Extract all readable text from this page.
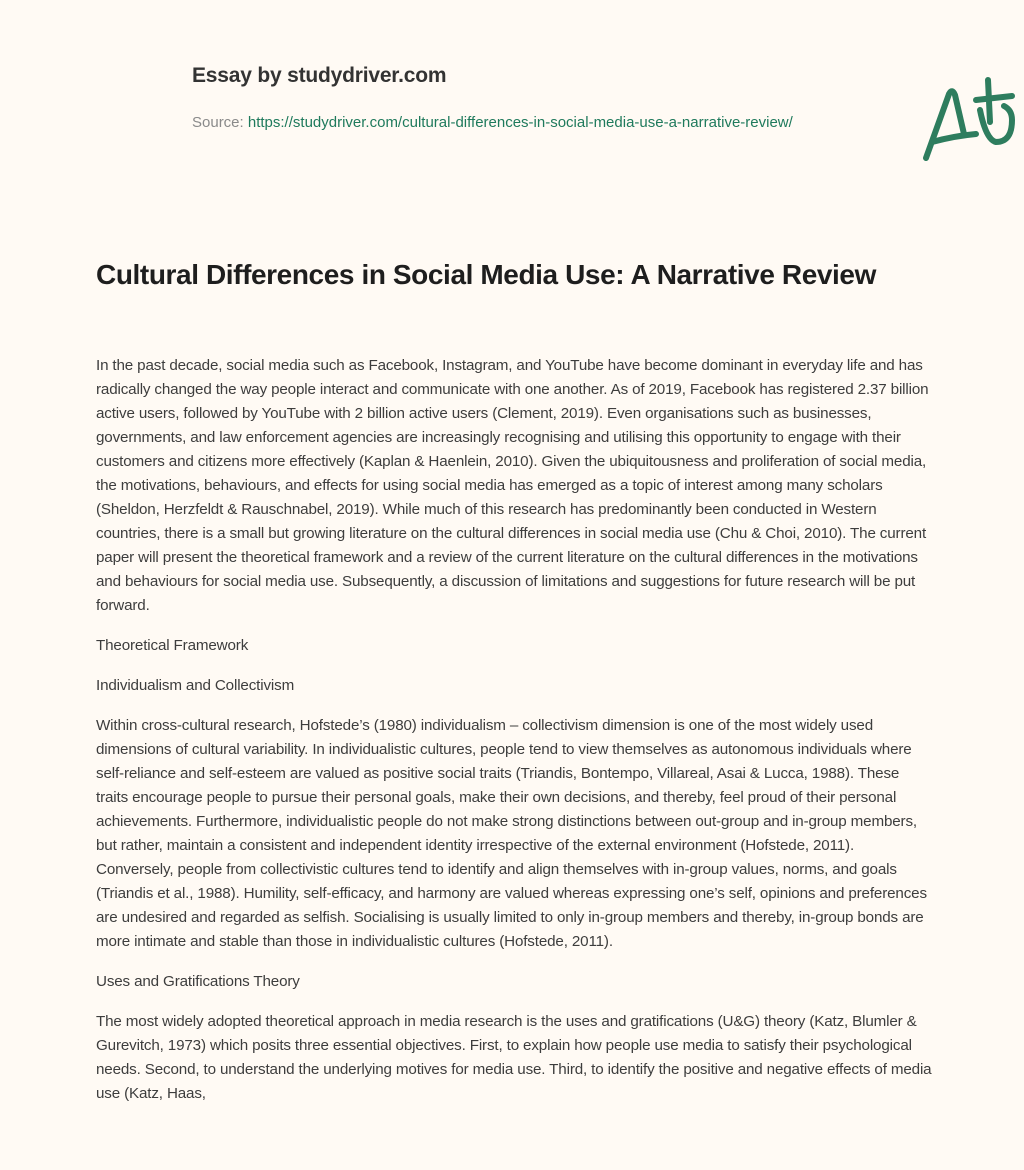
Essay by studydriver.com
Source: https://studydriver.com/cultural-differences-in-social-media-use-a-narrative-review/
Cultural Differences in Social Media Use: A Narrative Review

In the past decade, social media such as Facebook, Instagram, and YouTube have become dominant in everyday life and has radically changed the way people interact and communicate with one another. As of 2019, Facebook has registered 2.37 billion active users, followed by YouTube with 2 billion active users (Clement, 2019). Even organisations such as businesses, governments, and law enforcement agencies are increasingly recognising and utilising this opportunity to engage with their customers and citizens more effectively (Kaplan & Haenlein, 2010). Given the ubiquitousness and proliferation of social media, the motivations, behaviours, and effects for using social media has emerged as a topic of interest among many scholars (Sheldon, Herzfeldt & Rauschnabel, 2019). While much of this research has predominantly been conducted in Western countries, there is a small but growing literature on the cultural differences in social media use (Chu & Choi, 2010). The current paper will present the theoretical framework and a review of the current literature on the cultural differences in the motivations and behaviours for social media use. Subsequently, a discussion of limitations and suggestions for future research will be put forward.

Theoretical Framework

Individualism and Collectivism

Within cross-cultural research, Hofstede’s (1980) individualism – collectivism dimension is one of the most widely used dimensions of cultural variability. In individualistic cultures, people tend to view themselves as autonomous individuals where self-reliance and self-esteem are valued as positive social traits (Triandis, Bontempo, Villareal, Asai & Lucca, 1988). These traits encourage people to pursue their personal goals, make their own decisions, and thereby, feel proud of their personal achievements. Furthermore, individualistic people do not make strong distinctions between out-group and in-group members, but rather, maintain a consistent and independent identity irrespective of the external environment (Hofstede, 2011). Conversely, people from collectivistic cultures tend to identify and align themselves with in-group values, norms, and goals (Triandis et al., 1988). Humility, self-efficacy, and harmony are valued whereas expressing one’s self, opinions and preferences are undesired and regarded as selfish. Socialising is usually limited to only in-group members and thereby, in-group bonds are more intimate and stable than those in individualistic cultures (Hofstede, 2011).

Uses and Gratifications Theory

The most widely adopted theoretical approach in media research is the uses and gratifications (U&G) theory (Katz, Blumler & Gurevitch, 1973) which posits three essential objectives. First, to explain how people use media to satisfy their psychological needs. Second, to understand the underlying motives for media use. Third, to identify the positive and negative effects of media use (Katz, Haas,
